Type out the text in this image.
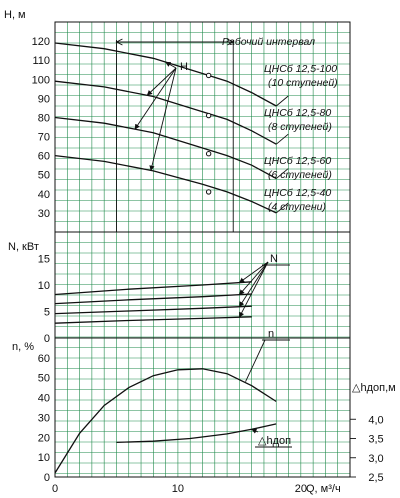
H, м
N, кВт
n, %
Q, м³/ч
Рабочий интервал
H
N
n
△hдоп,м
△hдоп
ЦНСб 12,5-100
(10 ступеней)
ЦНСб 12,5-80
(8 ступеней)
ЦНСб 12,5-60
(6 ступеней)
ЦНСб 12,5-40
(4 ступени)
30
40
50
60
70
80
90
100
110
120
0
5
10
15
0
10
20
30
40
50
60
0	10	20
2,5
3,0
3,5
4,0
